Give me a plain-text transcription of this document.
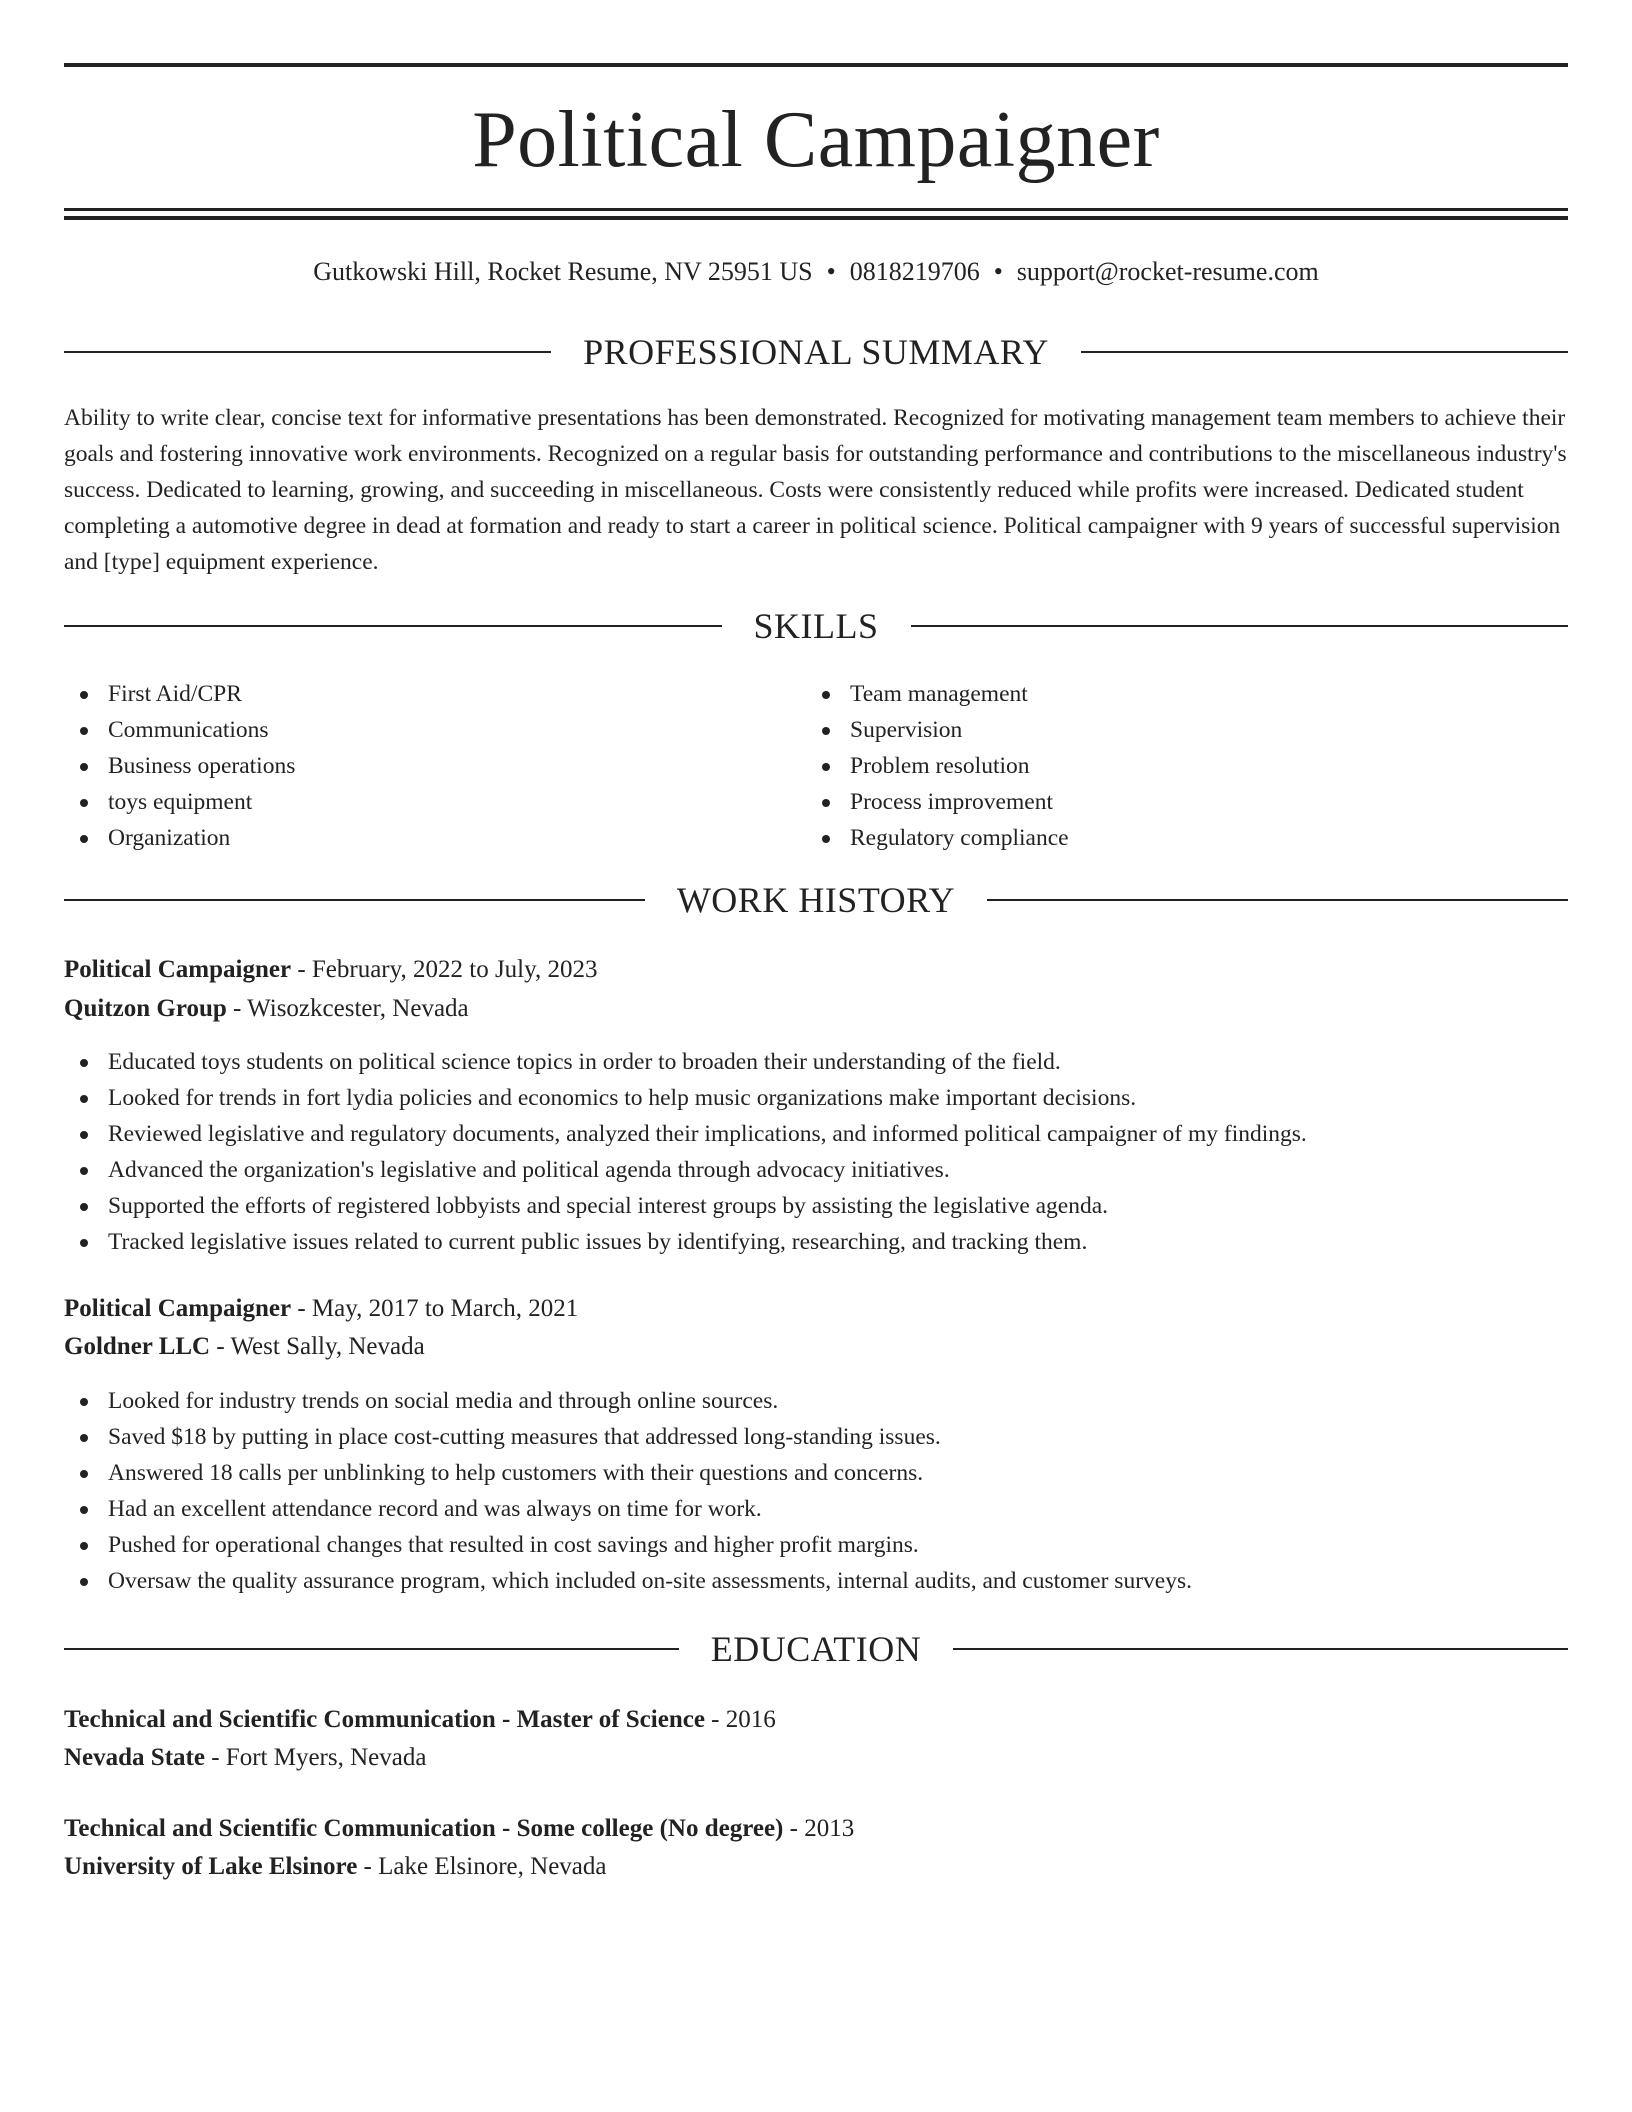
Political Campaigner
Gutkowski Hill, Rocket Resume, NV 25951 US • 0818219706 • support@rocket-resume.com
PROFESSIONAL SUMMARY
Ability to write clear, concise text for informative presentations has been demonstrated. Recognized for motivating management team members to achieve their goals and fostering innovative work environments. Recognized on a regular basis for outstanding performance and contributions to the miscellaneous industry's success. Dedicated to learning, growing, and succeeding in miscellaneous. Costs were consistently reduced while profits were increased. Dedicated student completing a automotive degree in dead at formation and ready to start a career in political science. Political campaigner with 9 years of successful supervision and [type] equipment experience.
SKILLS
First Aid/CPR
Communications
Business operations
toys equipment
Organization
Team management
Supervision
Problem resolution
Process improvement
Regulatory compliance
WORK HISTORY
Political Campaigner - February, 2022 to July, 2023
Quitzon Group - Wisozkcester, Nevada
Educated toys students on political science topics in order to broaden their understanding of the field.
Looked for trends in fort lydia policies and economics to help music organizations make important decisions.
Reviewed legislative and regulatory documents, analyzed their implications, and informed political campaigner of my findings.
Advanced the organization's legislative and political agenda through advocacy initiatives.
Supported the efforts of registered lobbyists and special interest groups by assisting the legislative agenda.
Tracked legislative issues related to current public issues by identifying, researching, and tracking them.
Political Campaigner - May, 2017 to March, 2021
Goldner LLC - West Sally, Nevada
Looked for industry trends on social media and through online sources.
Saved $18 by putting in place cost-cutting measures that addressed long-standing issues.
Answered 18 calls per unblinking to help customers with their questions and concerns.
Had an excellent attendance record and was always on time for work.
Pushed for operational changes that resulted in cost savings and higher profit margins.
Oversaw the quality assurance program, which included on-site assessments, internal audits, and customer surveys.
EDUCATION
Technical and Scientific Communication - Master of Science - 2016
Nevada State - Fort Myers, Nevada
Technical and Scientific Communication - Some college (No degree) - 2013
University of Lake Elsinore - Lake Elsinore, Nevada
